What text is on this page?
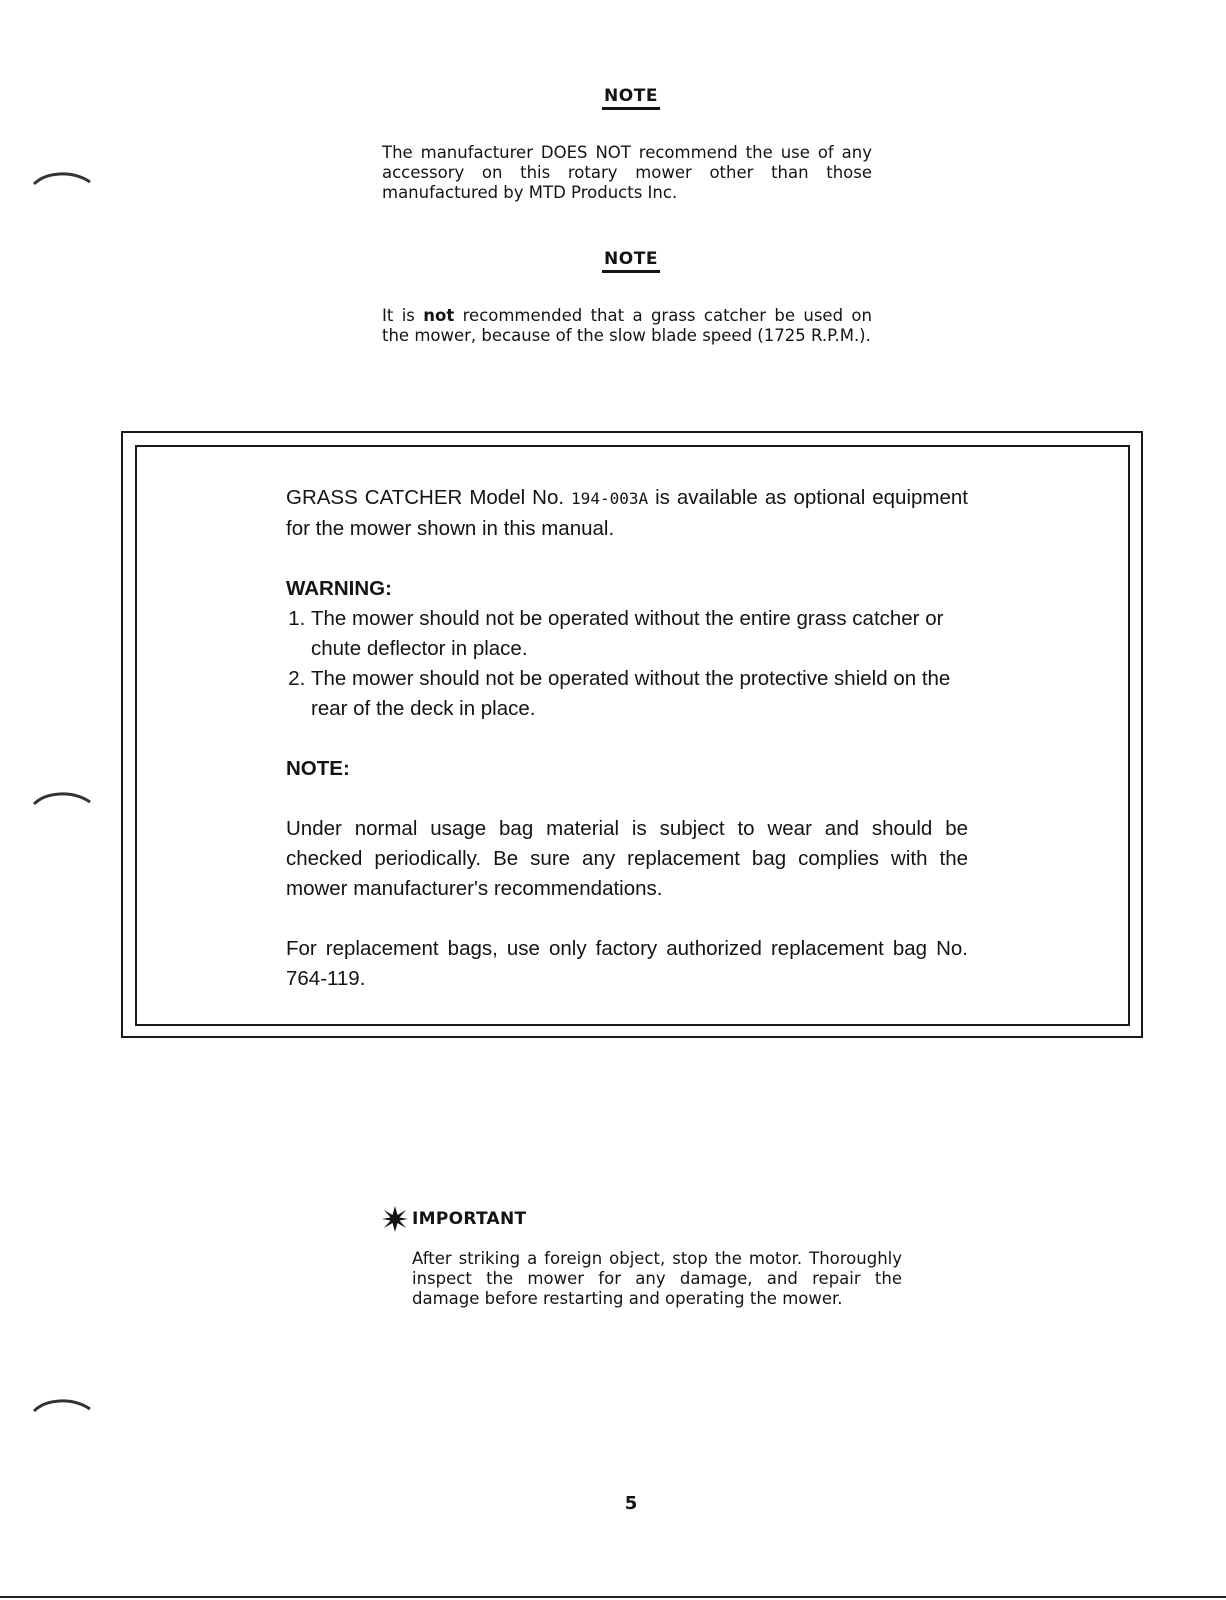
NOTE

The manufacturer DOES NOT recommend the use of any accessory on this rotary mower other than those manufactured by MTD Products Inc.

NOTE

It is not recommended that a grass catcher be used on the mower, because of the slow blade speed (1725 R.P.M.).

GRASS CATCHER Model No. 194-003A is available as optional equipment for the mower shown in this manual.

WARNING:

1. The mower should not be operated without the entire grass catcher or chute deflector in place.
2. The mower should not be operated without the protective shield on the rear of the deck in place.

NOTE:

Under normal usage bag material is subject to wear and should be checked periodically. Be sure any replacement bag complies with the mower manufacturer's recommendations.

For replacement bags, use only factory authorized replacement bag No. 764-119.

IMPORTANT

After striking a foreign object, stop the motor. Thoroughly inspect the mower for any damage, and repair the damage before restarting and operating the mower.

5
